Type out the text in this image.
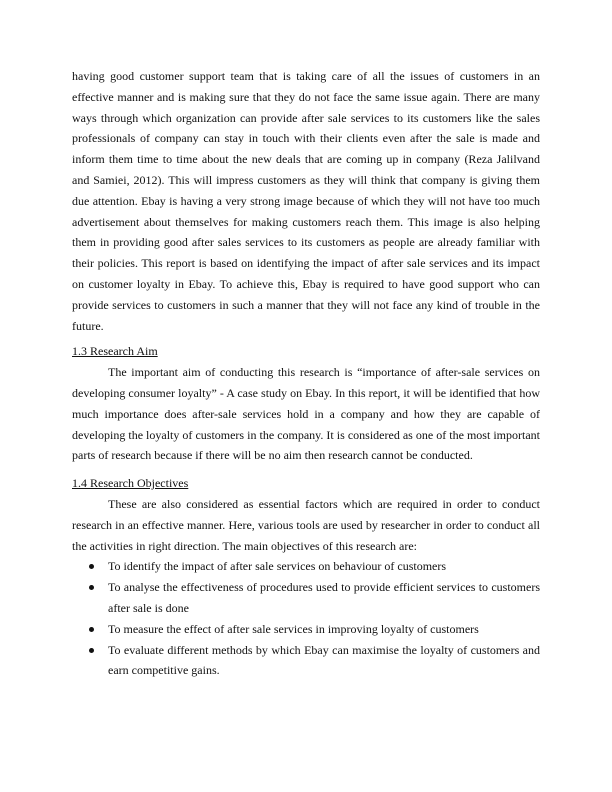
having good customer support team that is taking care of all the issues of customers in an effective manner and is making sure that they do not face the same issue again. There are many ways through which organization can provide after sale services to its customers like the sales professionals of company can stay in touch with their clients even after the sale is made and inform them time to time about the new deals that are coming up in company (Reza Jalilvand and Samiei, 2012). This will impress customers as they will think that company is giving them due attention. Ebay is having a very strong image because of which they will not have too much advertisement about themselves for making customers reach them. This image is also helping them in providing good after sales services to its customers as people are already familiar with their policies. This report is based on identifying the impact of after sale services and its impact on customer loyalty in Ebay. To achieve this, Ebay is required to have good support who can provide services to customers in such a manner that they will not face any kind of trouble in the future.

1.3 Research Aim

The important aim of conducting this research is “importance of after-sale services on developing consumer loyalty” - A case study on Ebay. In this report, it will be identified that how much importance does after-sale services hold in a company and how they are capable of developing the loyalty of customers in the company. It is considered as one of the most important parts of research because if there will be no aim then research cannot be conducted.

1.4 Research Objectives

These are also considered as essential factors which are required in order to conduct research in an effective manner. Here, various tools are used by researcher in order to conduct all the activities in right direction. The main objectives of this research are:

To identify the impact of after sale services on behaviour of customers
To analyse the effectiveness of procedures used to provide efficient services to customers after sale is done
To measure the effect of after sale services in improving loyalty of customers
To evaluate different methods by which Ebay can maximise the loyalty of customers and earn competitive gains.
